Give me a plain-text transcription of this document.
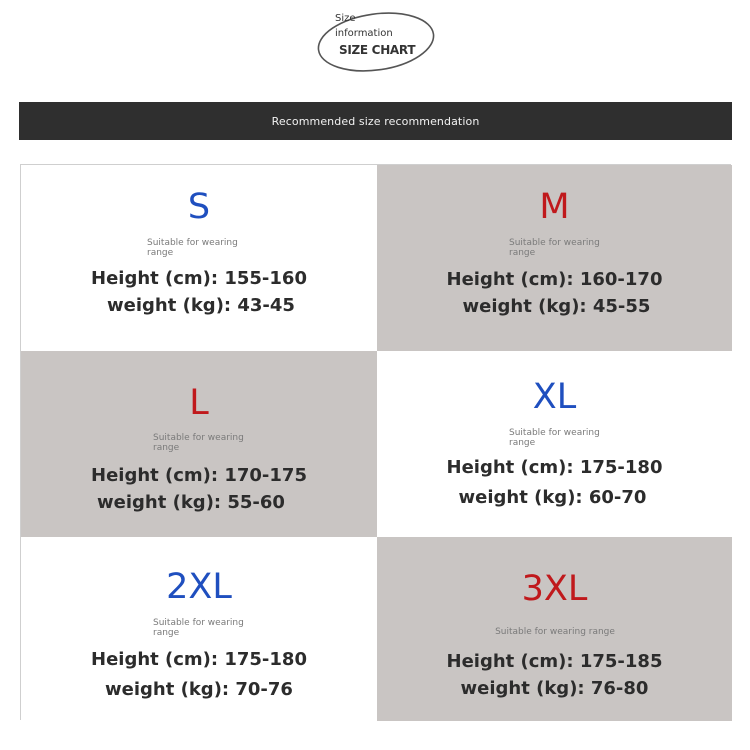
Size
information
SIZE CHART
Recommended size recommendation
S
Suitable for wearing range
Height (cm): 155-160
weight (kg): 43-45
M
Suitable for wearing range
Height (cm): 160-170
weight (kg): 45-55
L
Suitable for wearing range
Height (cm): 170-175
weight (kg): 55-60
XL
Suitable for wearing range
Height (cm): 175-180
weight (kg): 60-70
2XL
Suitable for wearing range
Height (cm): 175-180
weight (kg): 70-76
3XL
Suitable for wearing range
Height (cm): 175-185
weight (kg): 76-80
